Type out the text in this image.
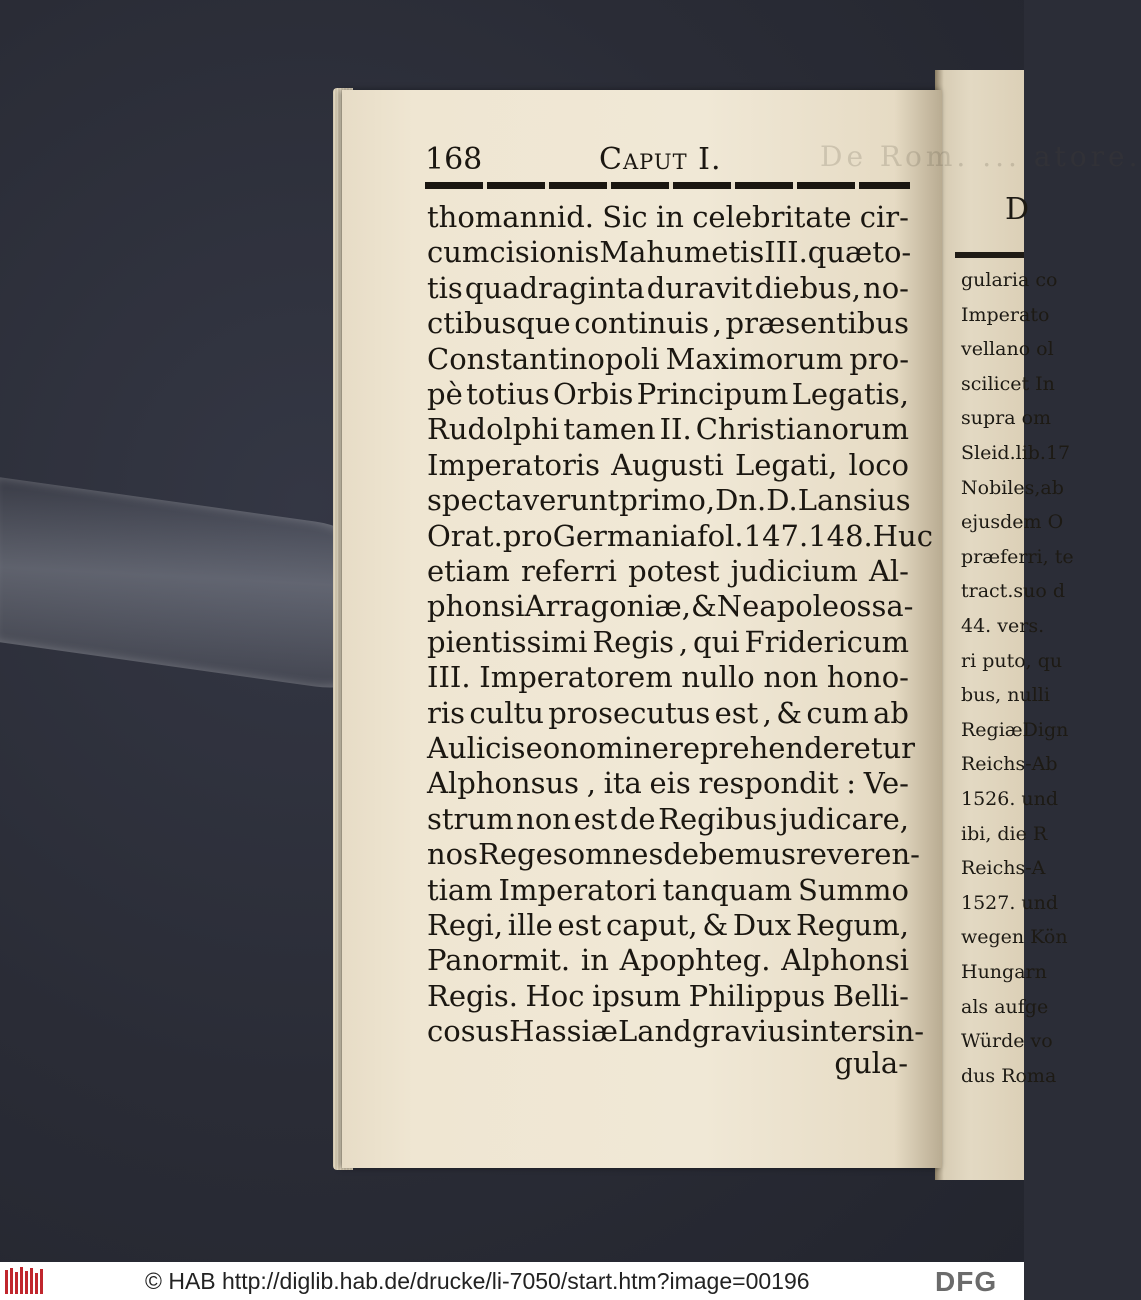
D
gularia co
Imperato
vellano ol
scilicet In
supra om
Sleid.lib.17
Nobiles,ab
ejusdem O
præferri, te
tract.suo d
44. vers.
ri puto, qu
bus, nulli
RegiæDign
Reichs-Ab
1526. und
ibi, die R
Reichs-A
1527. und
wegen Kön
Hungarn
als aufge
Würde vo
dus Roma
De Rom. ... atore.
168	Caput I.
thomannid. Sic in celebritate cir-
cumcisionis Mahumetis III.quæ to-
tis quadraginta duravit diebus, no-
ctibusque continuis , præsentibus
Constantinopoli Maximorum pro-
pè totius Orbis Principum Legatis,
Rudolphi tamen II. Christianorum
Imperatoris Augusti Legati, loco
spectaverunt primo, Dn. D. Lansius
Orat. pro Germania fol.147.148. Huc
etiam referri potest judicium Al-
phonsi Arragoniæ, & Neapoleos sa-
pientissimi Regis , qui Fridericum
III. Imperatorem nullo non hono-
ris cultu prosecutus est , & cum ab
Aulicis eo nomine reprehenderetur
Alphonsus , ita eis respondit : Ve-
strum non est de Regibus judicare,
nos Reges omnes debemus reveren-
tiam Imperatori tanquam Summo
Regi, ille est caput, & Dux Regum,
Panormit. in Apophteg. Alphonsi
Regis. Hoc ipsum Philippus Belli-
cosus Hassiæ Landgravius inter sin-
gula-
© HAB http://diglib.hab.de/drucke/li-7050/start.htm?image=00196	DFG
